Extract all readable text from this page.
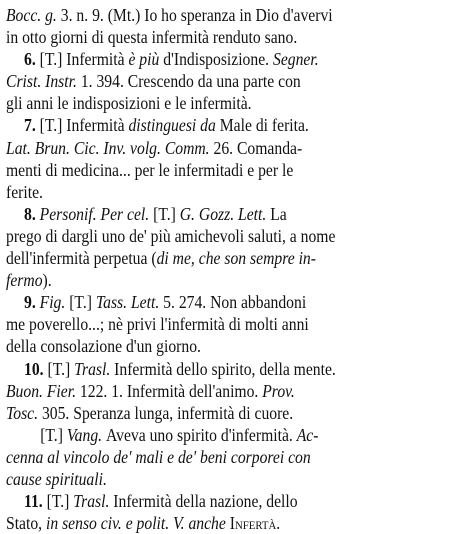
Bocc. g. 3. n. 9. (Mt.) Io ho speranza in Dio d'avervi
in otto giorni di questa infermità renduto sano.
6. [T.] Infermità è più d'Indisposizione. Segner.
Crist. Instr. 1. 394. Crescendo da una parte con
gli anni le indisposizioni e le infermità.
7. [T.] Infermità distinguesi da Male di ferita.
Lat. Brun. Cic. Inv. volg. Comm. 26. Comanda-
menti di medicina... per le infermitadi e per le
ferite.
8. Personif. Per cel. [T.] G. Gozz. Lett. La
prego di dargli uno de' più amichevoli saluti, a nome
dell'infermità perpetua (di me, che son sempre in-
fermo).
9. Fig. [T.] Tass. Lett. 5. 274. Non abbandoni
me poverello...; nè privi l'infermità di molti anni
della consolazione d'un giorno.
10. [T.] Trasl. Infermità dello spirito, della mente.
Buon. Fier. 122. 1. Infermità dell'animo. Prov.
Tosc. 305. Speranza lunga, infermità di cuore.
[T.] Vang. Aveva uno spirito d'infermità. Ac-
cenna al vincolo de' mali e de' beni corporei con
cause spirituali.
11. [T.] Trasl. Infermità della nazione, dello
Stato, in senso civ. e polit. V. anche Infertà.
